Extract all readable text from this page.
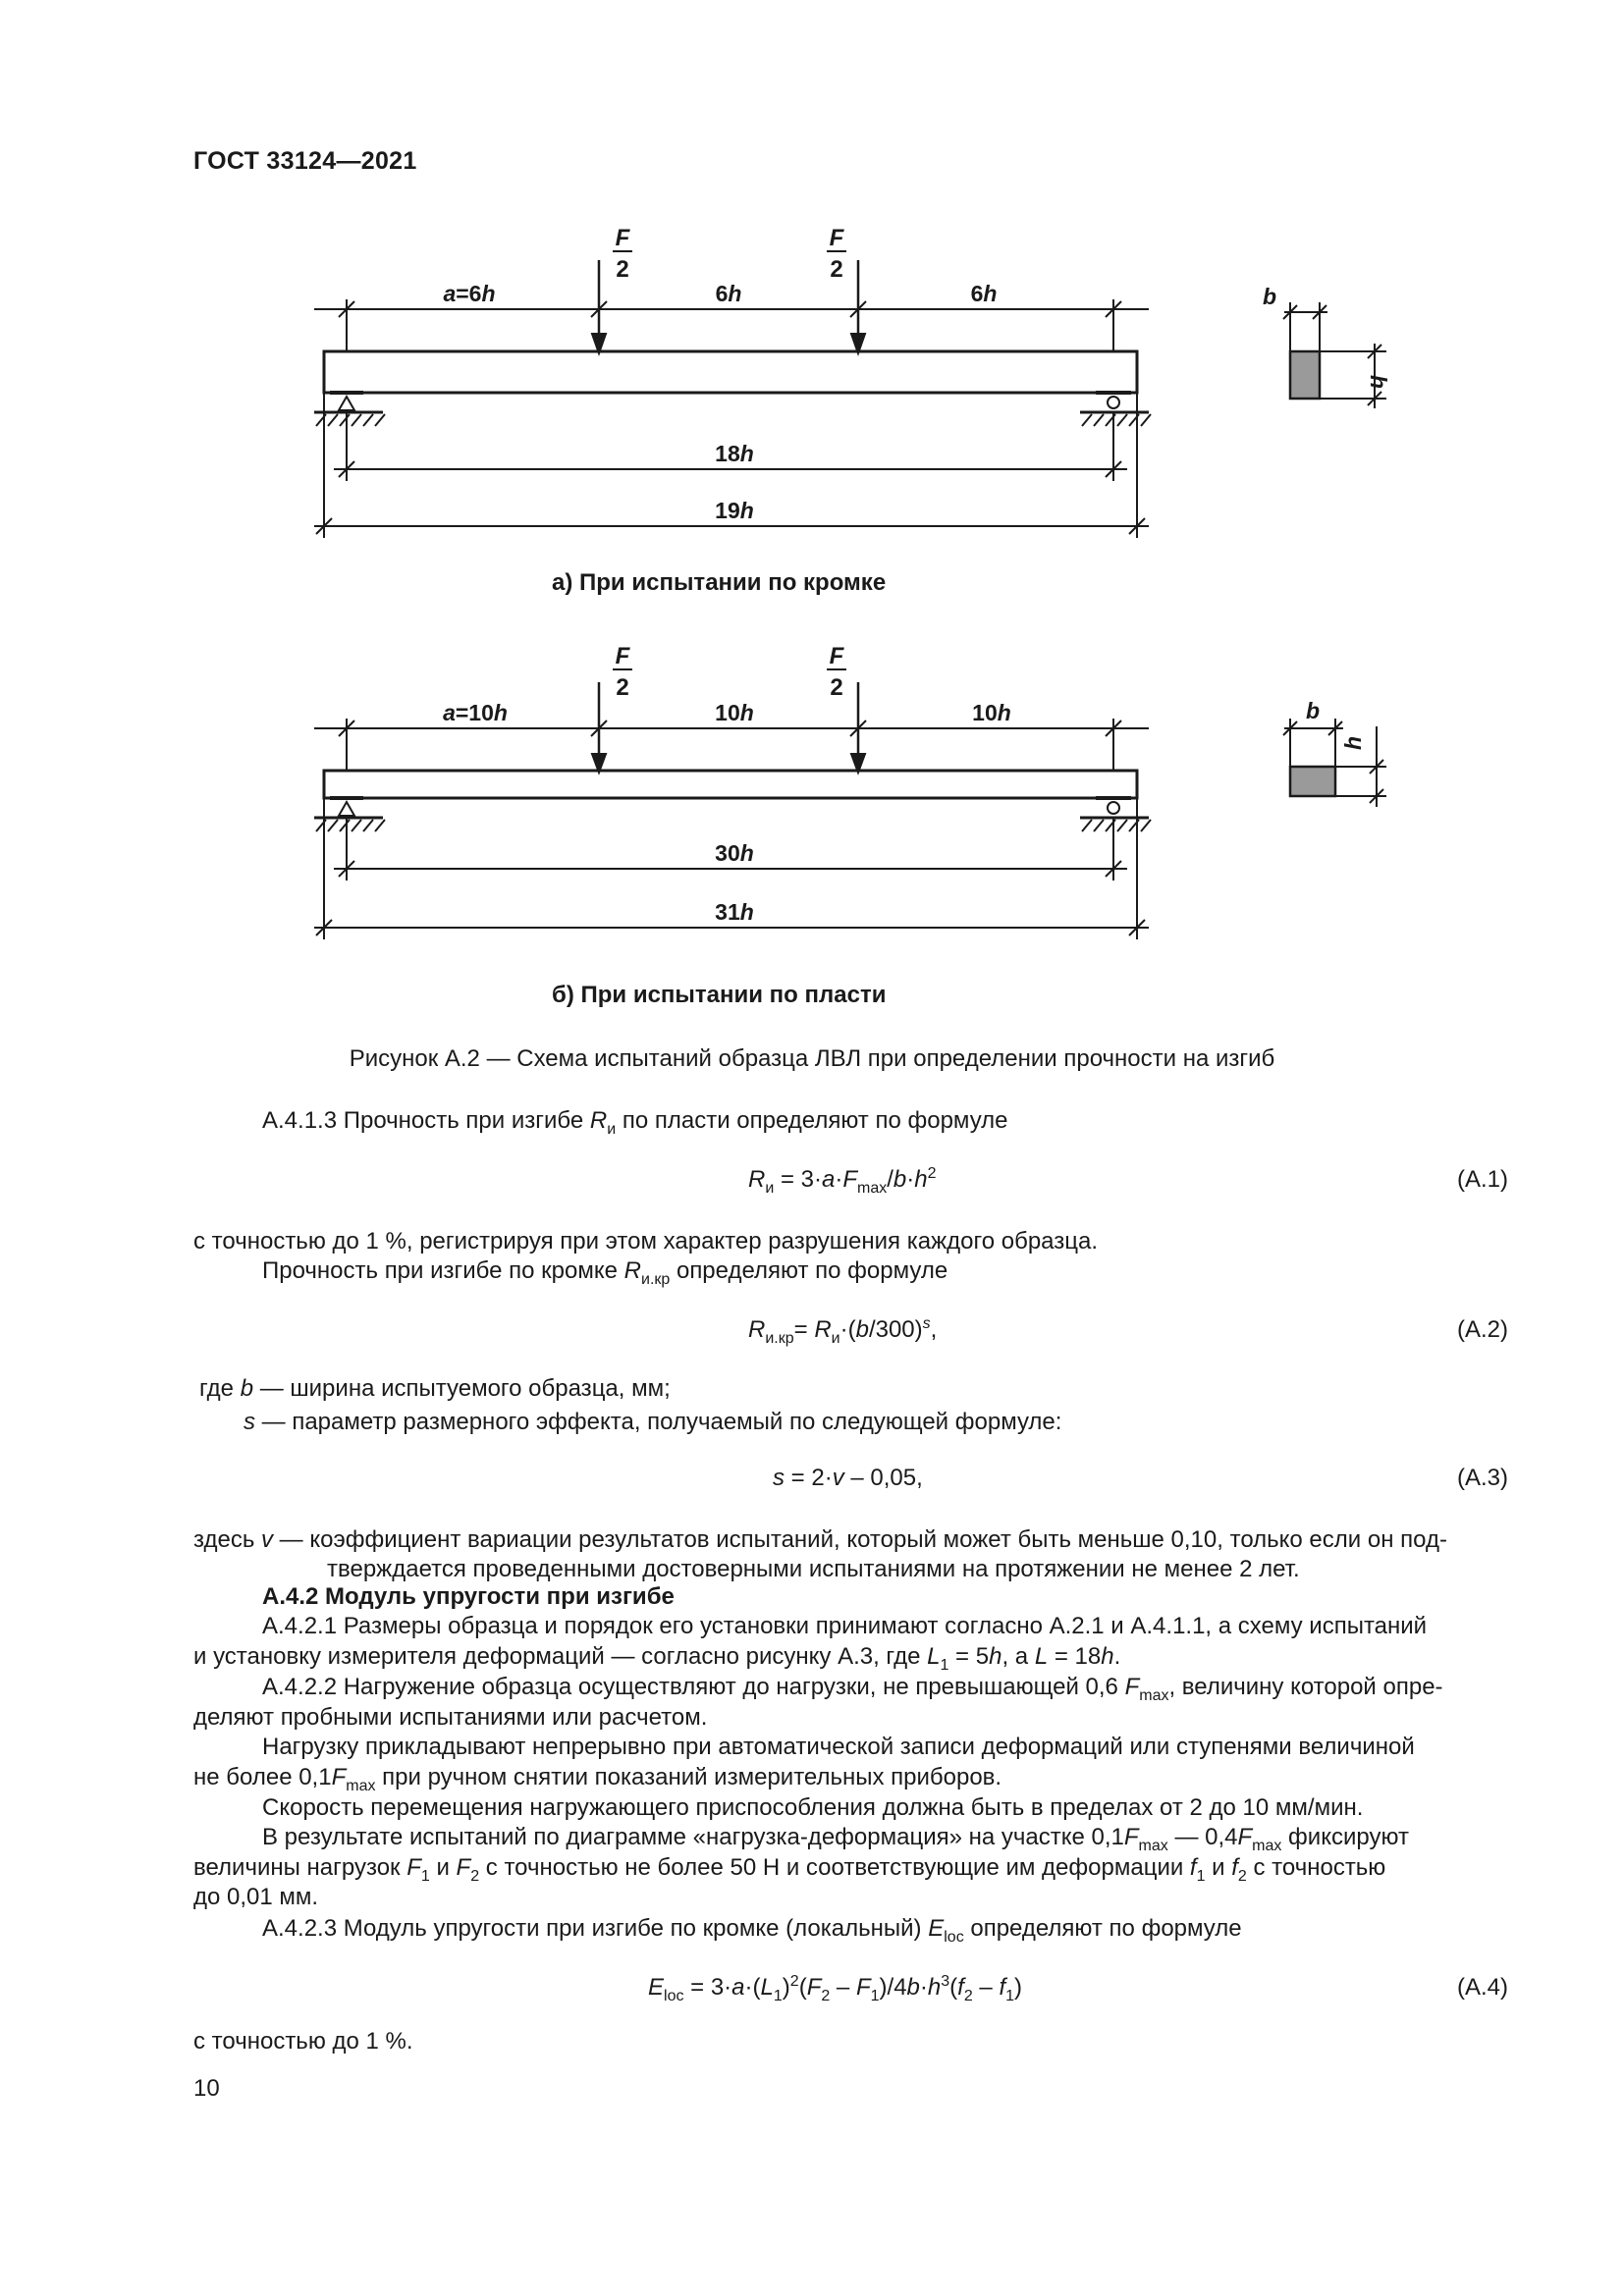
ГОСТ 33124—2021
F
2
F
2
a=6h	6h	6h
18h
19h
b
h
а) При испытании по кромке
F
2
F
2
a=10h	10h	10h
30h
31h
b
h
б) При испытании по пласти
Рисунок А.2 — Схема испытаний образца ЛВЛ при определении прочности на изгиб
А.4.1.3 Прочность при изгибе $R_и$ по пласти определяют по формуле
$R_и = 3\cdot a\cdot F_{max}/b\cdot h^2$	(А.1)
с точностью до 1 %, регистрируя при этом характер разрушения каждого образца.
Прочность при изгибе по кромке $R_{и.кр}$ определяют по формуле
$R_{и.кр}= R_и\cdot(b/300)^s$,	(А.2)
где b — ширина испытуемого образца, мм;
s — параметр размерного эффекта, получаемый по следующей формуле:
s = 2·v – 0,05,	(А.3)
здесь v — коэффициент вариации результатов испытаний, который может быть меньше 0,10, только если он под-
тверждается проведенными достоверными испытаниями на протяжении не менее 2 лет.
А.4.2 Модуль упругости при изгибе
А.4.2.1 Размеры образца и порядок его установки принимают согласно А.2.1 и А.4.1.1, а схему испытаний
и установку измерителя деформаций — согласно рисунку А.3, где $L_1 = 5h$, а L = 18h.
А.4.2.2 Нагружение образца осуществляют до нагрузки, не превышающей 0,6 $F_{max}$, величину которой опре-
деляют пробными испытаниями или расчетом.
Нагрузку прикладывают непрерывно при автоматической записи деформаций или ступенями величиной
не более $0,1F_{max}$ при ручном снятии показаний измерительных приборов.
Скорость перемещения нагружающего приспособления должна быть в пределах от 2 до 10 мм/мин.
В результате испытаний по диаграмме «нагрузка-деформация» на участке $0,1F_{max}$ — $0,4F_{max}$ фиксируют
величины нагрузок $F_1$ и $F_2$ с точностью не более 50 Н и соответствующие им деформации $f_1$ и $f_2$ с точностью
до 0,01 мм.
А.4.2.3 Модуль упругости при изгибе по кромке (локальный) $E_{loc}$ определяют по формуле
$E_{loc} = 3\cdot a\cdot(L_1)^2(F_2 - F_1)/4b\cdot h^3(f_2 - f_1)$	(А.4)
с точностью до 1 %.
10
